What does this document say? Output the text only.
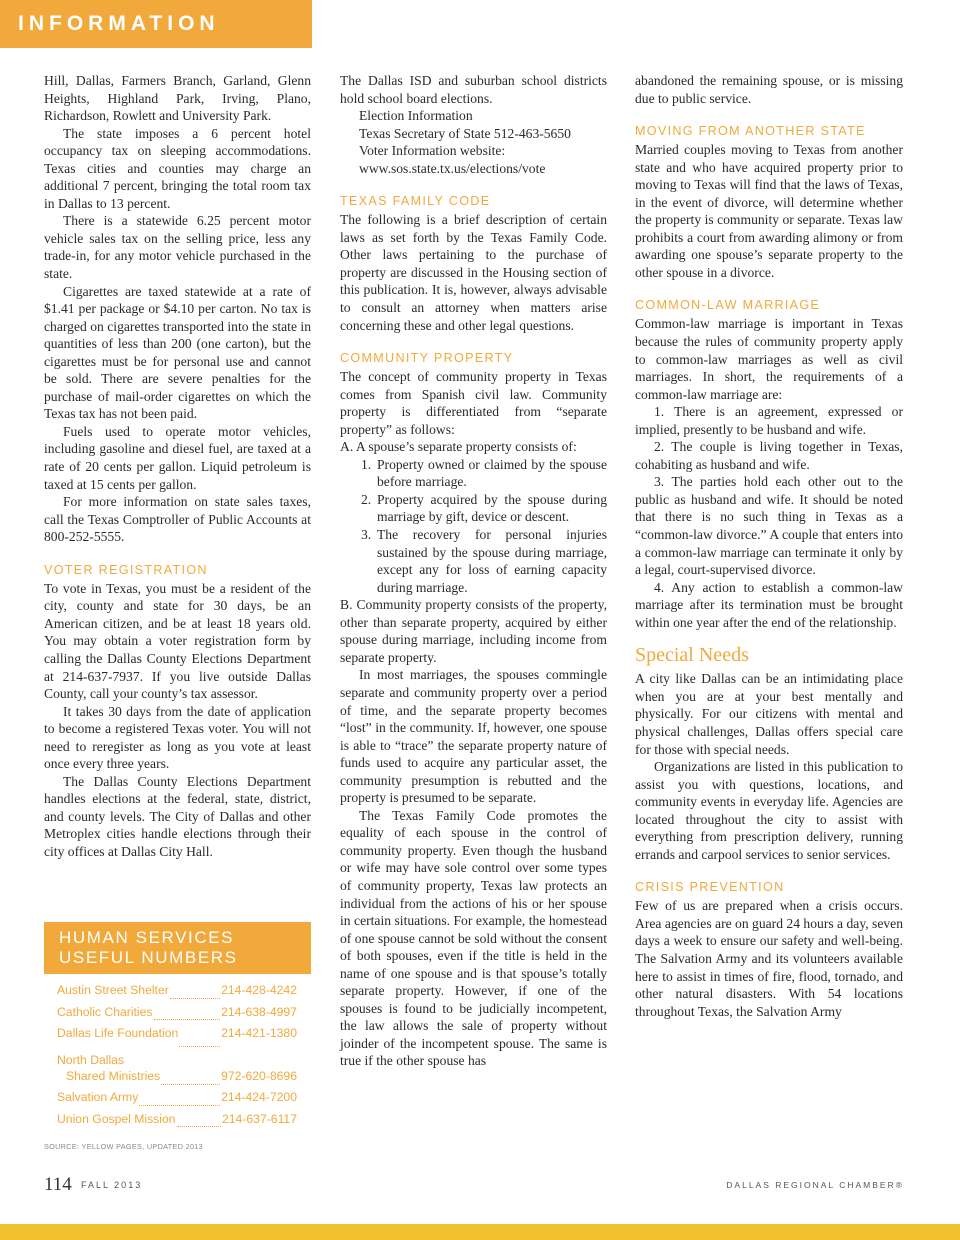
INFORMATION

Hill, Dallas, Farmers Branch, Garland, Glenn Heights, Highland Park, Irving, Plano, Richardson, Rowlett and University Park.

The state imposes a 6 percent hotel occupancy tax on sleeping accommodations. Texas cities and counties may charge an additional 7 percent, bringing the total room tax in Dallas to 13 percent.

There is a statewide 6.25 percent motor vehicle sales tax on the selling price, less any trade-in, for any motor vehicle purchased in the state.

Cigarettes are taxed statewide at a rate of $1.41 per package or $4.10 per carton. No tax is charged on cigarettes transported into the state in quantities of less than 200 (one carton), but the cigarettes must be for personal use and cannot be sold. There are severe penalties for the purchase of mail-order cigarettes on which the Texas tax has not been paid.

Fuels used to operate motor vehicles, including gasoline and diesel fuel, are taxed at a rate of 20 cents per gallon. Liquid petroleum is taxed at 15 cents per gallon.

For more information on state sales taxes, call the Texas Comptroller of Public Accounts at 800-252-5555.

VOTER REGISTRATION

To vote in Texas, you must be a resident of the city, county and state for 30 days, be an American citizen, and be at least 18 years old. You may obtain a voter registration form by calling the Dallas County Elections Department at 214-637-7937. If you live outside Dallas County, call your county’s tax assessor.

It takes 30 days from the date of application to become a registered Texas voter. You will not need to reregister as long as you vote at least once every three years.

The Dallas County Elections Department handles elections at the federal, state, district, and county levels. The City of Dallas and other Metroplex cities handle elections through their city offices at Dallas City Hall.

HUMAN SERVICES
USEFUL NUMBERS
Austin Street Shelter	214-428-4242
Catholic Charities	214-638-4997
Dallas Life Foundation	214-421-1380
North Dallas
Shared Ministries	972-620-8696
Salvation Army	214-424-7200
Union Gospel Mission	214-637-6117
SOURCE: YELLOW PAGES, UPDATED 2013

The Dallas ISD and suburban school districts hold school board elections.

Election Information

Texas Secretary of State 512-463-5650

Voter Information website:

www.sos.state.tx.us/elections/vote

TEXAS FAMILY CODE

The following is a brief description of certain laws as set forth by the Texas Family Code. Other laws pertaining to the purchase of property are discussed in the Housing section of this publication. It is, however, always advisable to consult an attorney when matters arise concerning these and other legal questions.

COMMUNITY PROPERTY

The concept of community property in Texas comes from Spanish civil law. Community property is differentiated from “separate property” as follows:

A. A spouse’s separate property consists of:

1. Property owned or claimed by the spouse before marriage.

2. Property acquired by the spouse during marriage by gift, device or descent.

3. The recovery for personal injuries sustained by the spouse during marriage, except any for loss of earning capacity during marriage.

B. Community property consists of the property, other than separate property, acquired by either spouse during marriage, including income from separate property.

In most marriages, the spouses commingle separate and community property over a period of time, and the separate property becomes “lost” in the community. If, however, one spouse is able to “trace” the separate property nature of funds used to acquire any particular asset, the community presumption is rebutted and the property is presumed to be separate.

The Texas Family Code promotes the equality of each spouse in the control of community property. Even though the husband or wife may have sole control over some types of community property, Texas law protects an individual from the actions of his or her spouse in certain situations. For example, the homestead of one spouse cannot be sold without the consent of both spouses, even if the title is held in the name of one spouse and is that spouse’s totally separate property. However, if one of the spouses is found to be judicially incompetent, the law allows the sale of property without joinder of the incompetent spouse. The same is true if the other spouse has

abandoned the remaining spouse, or is missing due to public service.

MOVING FROM ANOTHER STATE

Married couples moving to Texas from another state and who have acquired property prior to moving to Texas will find that the laws of Texas, in the event of divorce, will determine whether the property is community or separate. Texas law prohibits a court from awarding alimony or from awarding one spouse’s separate property to the other spouse in a divorce.

COMMON-LAW MARRIAGE

Common-law marriage is important in Texas because the rules of community property apply to common-law marriages as well as civil marriages. In short, the requirements of a common-law marriage are:

1. There is an agreement, expressed or implied, presently to be husband and wife.

2. The couple is living together in Texas, cohabiting as husband and wife.

3. The parties hold each other out to the public as husband and wife. It should be noted that there is no such thing in Texas as a “common-law divorce.” A couple that enters into a common-law marriage can terminate it only by a legal, court-supervised divorce.

4. Any action to establish a common-law marriage after its termination must be brought within one year after the end of the relationship.

Special Needs

A city like Dallas can be an intimidating place when you are at your best mentally and physically. For our citizens with mental and physical challenges, Dallas offers special care for those with special needs.

Organizations are listed in this publication to assist you with questions, locations, and community events in everyday life. Agencies are located throughout the city to assist with everything from prescription delivery, running errands and carpool services to senior services.

CRISIS PREVENTION

Few of us are prepared when a crisis occurs. Area agencies are on guard 24 hours a day, seven days a week to ensure our safety and well-being. The Salvation Army and its volunteers available here to assist in times of fire, flood, tornado, and other natural disasters. With 54 locations throughout Texas, the Salvation Army

114 FALL 2013	DALLAS REGIONAL CHAMBER®
